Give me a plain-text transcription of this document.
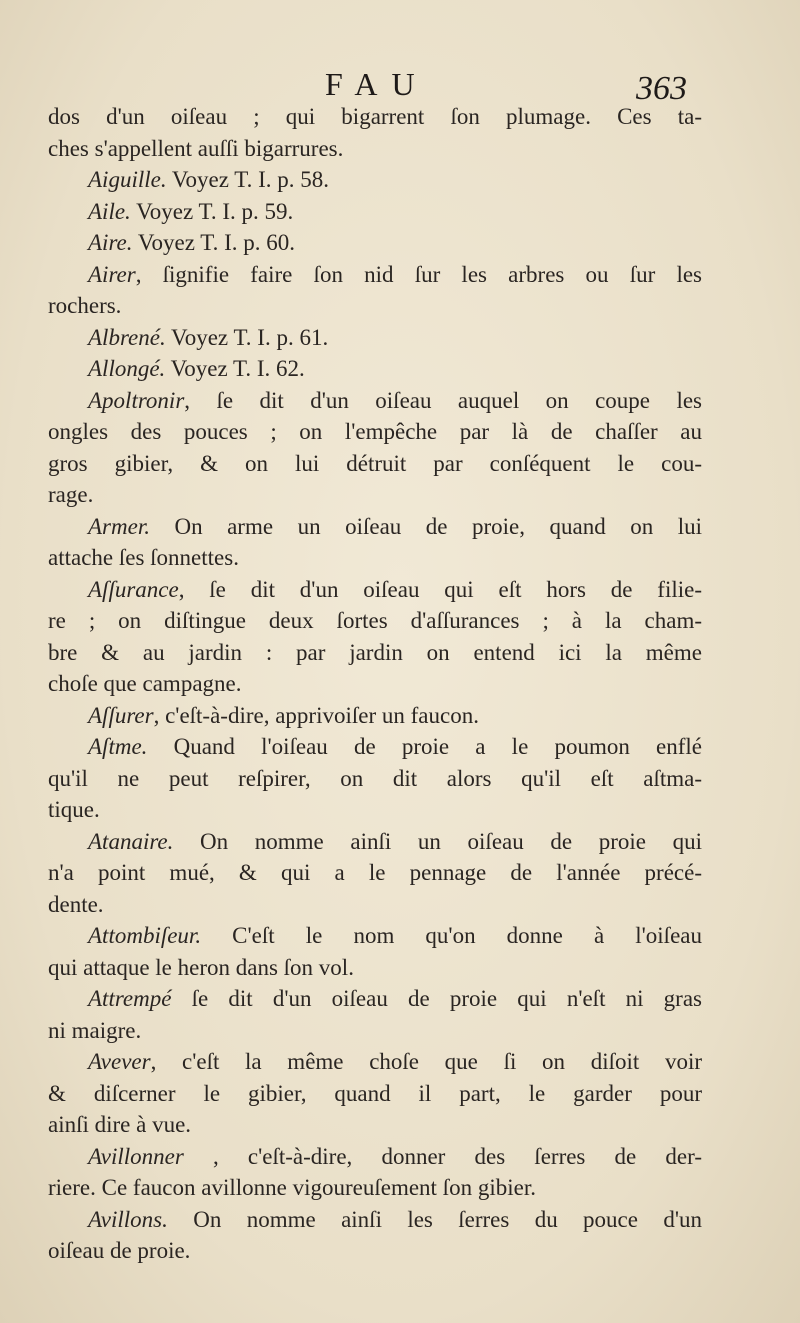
FAU	363
dos d'un oiſeau ; qui bigarrent ſon plumage. Ces ta-
ches s'appellent auſſi bigarrures.
Aiguille. Voyez T. I. p. 58.
Aile. Voyez T. I. p. 59.
Aire. Voyez T. I. p. 60.
Airer, ſignifie faire ſon nid ſur les arbres ou ſur les
rochers.
Albrené. Voyez T. I. p. 61.
Allongé. Voyez T. I. 62.
Apoltronir, ſe dit d'un oiſeau auquel on coupe les
ongles des pouces ; on l'empêche par là de chaſſer au
gros gibier, & on lui détruit par conſéquent le cou-
rage.
Armer. On arme un oiſeau de proie, quand on lui
attache ſes ſonnettes.
Aſſurance, ſe dit d'un oiſeau qui eſt hors de filie-
re ; on diſtingue deux ſortes d'aſſurances ; à la cham-
bre & au jardin : par jardin on entend ici la même
choſe que campagne.
Aſſurer, c'eſt-à-dire, apprivoiſer un faucon.
Aſtme. Quand l'oiſeau de proie a le poumon enflé
qu'il ne peut reſpirer, on dit alors qu'il eſt aſtma-
tique.
Atanaire. On nomme ainſi un oiſeau de proie qui
n'a point mué, & qui a le pennage de l'année précé-
dente.
Attombiſeur. C'eſt le nom qu'on donne à l'oiſeau
qui attaque le heron dans ſon vol.
Attrempé ſe dit d'un oiſeau de proie qui n'eſt ni gras
ni maigre.
Avever, c'eſt la même choſe que ſi on diſoit voir
& diſcerner le gibier, quand il part, le garder pour
ainſi dire à vue.
Avillonner , c'eſt-à-dire, donner des ſerres de der-
riere. Ce faucon avillonne vigoureuſement ſon gibier.
Avillons. On nomme ainſi les ſerres du pouce d'un
oiſeau de proie.
